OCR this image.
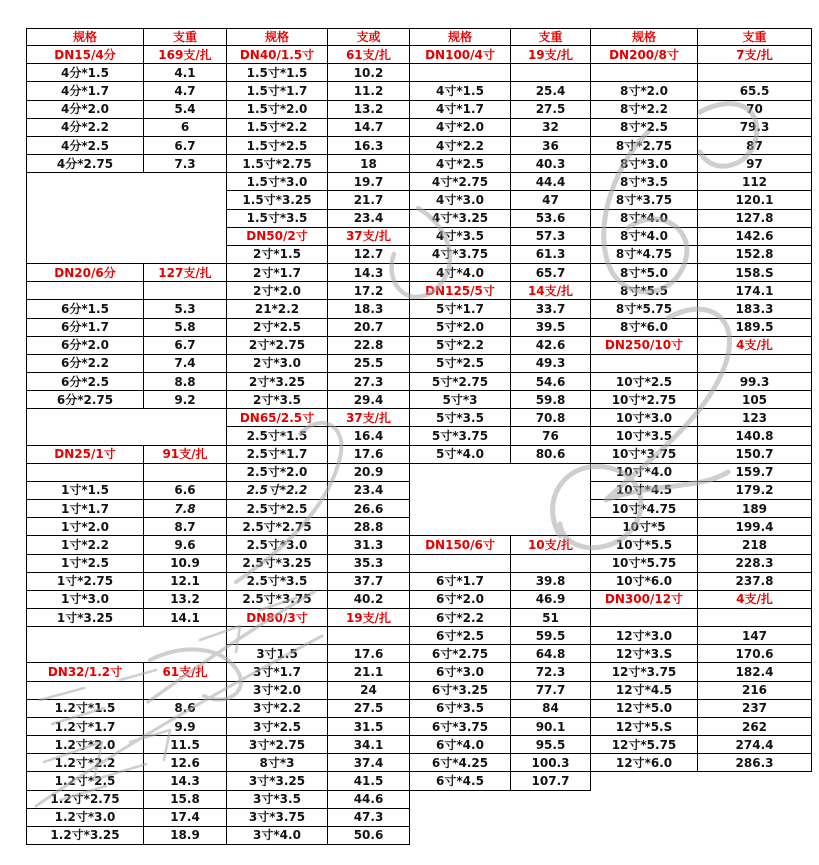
规格	支重
DN15/4分	169支/扎
4分*1.5	4.1
4分*1.7	4.7
4分*2.0	5.4
4分*2.2	6
4分*2.5	6.7
4分*2.75	7.3
DN20/6分	127支/扎
6分*1.5	5.3
6分*1.7	5.8
6分*2.0	6.7
6分*2.2	7.4
6分*2.5	8.8
6分*2.75	9.2
DN25/1寸	91支/扎
1寸*1.5	6.6
1寸*1.7	7.8
1寸*2.0	8.7
1寸*2.2	9.6
1寸*2.5	10.9
1寸*2.75	12.1
1寸*3.0	13.2
1寸*3.25	14.1
DN32/1.2寸	61支/扎
1.2寸*1.5	8.6
1.2寸*1.7	9.9
1.2寸*2.0	11.5
1.2寸*2.2	12.6
1.2寸*2.5	14.3
1.2寸*2.75	15.8
1.2寸*3.0	17.4
1.2寸*3.25	18.9
规格	支或
DN40/1.5寸	61支/扎
1.5寸*1.5	10.2
1.5寸*1.7	11.2
1.5寸*2.0	13.2
1.5寸*2.2	14.7
1.5寸*2.5	16.3
1.5寸*2.75	18
1.5寸*3.0	19.7
1.5寸*3.25	21.7
1.5寸*3.5	23.4
DN50/2寸	37支/扎
2寸*1.5	12.7
2寸*1.7	14.3
2寸*2.0	17.2
21*2.2	18.3
2寸*2.5	20.7
2寸*2.75	22.8
2寸*3.0	25.5
2寸*3.25	27.3
2寸*3.5	29.4
DN65/2.5寸	37支/扎
2.5寸*1.5	16.4
2.5寸*1.7	17.6
2.5寸*2.0	20.9
2.5寸*2.2	23.4
2.5寸*2.5	26.6
2.5寸*2.75	28.8
2.5寸*3.0	31.3
2.5寸*3.25	35.3
2.5寸*3.5	37.7
2.5寸*3.75	40.2
DN80/3寸	19支/扎
3寸1.5	17.6
3寸*1.7	21.1
3寸*2.0	24
3寸*2.2	27.5
3寸*2.5	31.5
3寸*2.75	34.1
8寸*3	37.4
3寸*3.25	41.5
3寸*3.5	44.6
3寸*3.75	47.3
3寸*4.0	50.6
规格	支重
DN100/4寸	19支/扎
4寸*1.5	25.4
4寸*1.7	27.5
4寸*2.0	32
4寸*2.2	36
4寸*2.5	40.3
4寸*2.75	44.4
4寸*3.0	47
4寸*3.25	53.6
4寸*3.5	57.3
4寸*3.75	61.3
4寸*4.0	65.7
DN125/5寸	14支/扎
5寸*1.7	33.7
5寸*2.0	39.5
5寸*2.2	42.6
5寸*2.5	49.3
5寸*2.75	54.6
5寸*3	59.8
5寸*3.5	70.8
5寸*3.75	76
5寸*4.0	80.6
DN150/6寸	10支/扎
6寸*1.7	39.8
6寸*2.0	46.9
6寸*2.2	51
6寸*2.5	59.5
6寸*2.75	64.8
6寸*3.0	72.3
6寸*3.25	77.7
6寸*3.5	84
6寸*3.75	90.1
6寸*4.0	95.5
6寸*4.25	100.3
6寸*4.5	107.7
规格	支重
DN200/8寸	7支/扎
8寸*2.0	65.5
8寸*2.2	70
8寸*2.5	79.3
8寸*2.75	87
8寸*3.0	97
8寸*3.5	112
8寸*3.75	120.1
8寸*4.0	127.8
8寸*4.0	142.6
8寸*4.75	152.8
8寸*5.0	158.S
8寸*5.5	174.1
8寸*5.75	183.3
8寸*6.0	189.5
DN250/10寸	4支/扎
10寸*2.5	99.3
10寸*2.75	105
10寸*3.0	123
10寸*3.5	140.8
10寸*3.75	150.7
10寸*4.0	159.7
10寸*4.5	179.2
10寸*4.75	189
10寸*5	199.4
10寸*5.5	218
10寸*5.75	228.3
10寸*6.0	237.8
DN300/12寸	4支/扎
12寸*3.0	147
12寸*3.S	170.6
12寸*3.75	182.4
12寸*4.5	216
12寸*5.0	237
12寸*5.S	262
12寸*5.75	274.4
12寸*6.0	286.3
